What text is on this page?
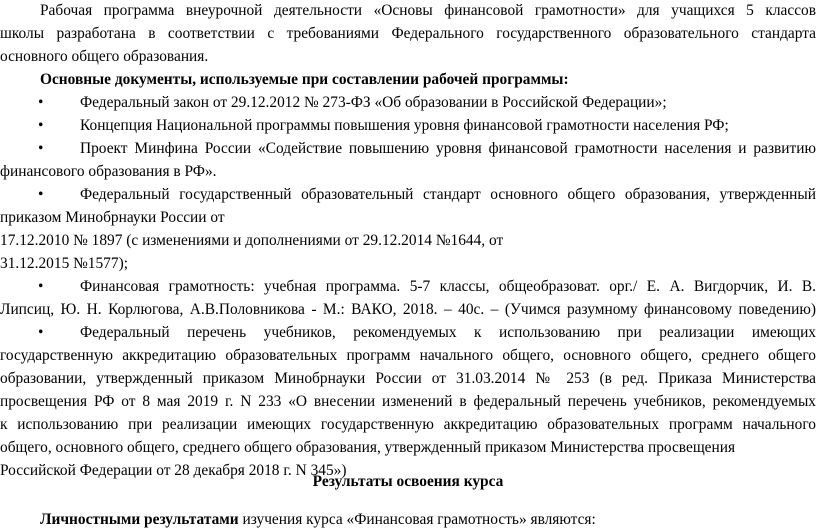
Рабочая программа внеурочной деятельности «Основы финансовой грамотности» для учащихся 5 классов
школы разработана в соответствии с требованиями Федерального государственного образовательного стандарта
основного общего образования.
Основные документы, используемые при составлении рабочей программы:
• Федеральный закон от 29.12.2012 № 273-ФЗ «Об образовании в Российской Федерации»;
• Концепция Национальной программы повышения уровня финансовой грамотности населения РФ;
• Проект Минфина России «Содействие повышению уровня финансовой грамотности населения и развитию
финансового образования в РФ».
• Федеральный государственный образовательный стандарт основного общего образования, утвержденный
приказом Минобрнауки России от
17.12.2010 № 1897 (с изменениями и дополнениями от 29.12.2014 №1644, от
31.12.2015 №1577);
• Финансовая грамотность: учебная программа. 5-7 классы, общеобразоват. орг./ Е. А. Вигдорчик, И. В.
Липсиц, Ю. Н. Корлюгова, А.В.Половникова - М.: ВАКО, 2018. – 40с. – (Учимся разумному финансовому поведению)
• Федеральный перечень учебников, рекомендуемых к использованию при реализации имеющих
государственную аккредитацию образовательных программ начального общего, основного общего, среднего общего
образовании, утвержденный приказом Минобрнауки России от 31.03.2014 № 253 (в ред. Приказа Министерства
просвещения РФ от 8 мая 2019 г. N 233 «О внесении изменений в федеральный перечень учебников, рекомендуемых
к использованию при реализации имеющих государственную аккредитацию образовательных программ начального
общего, основного общего, среднего общего образования, утвержденный приказом Министерства просвещения
Российской Федерации от 28 декабря 2018 г. N 345»)
Результаты освоения курса
Личностными результатами изучения курса «Финансовая грамотность» являются:
